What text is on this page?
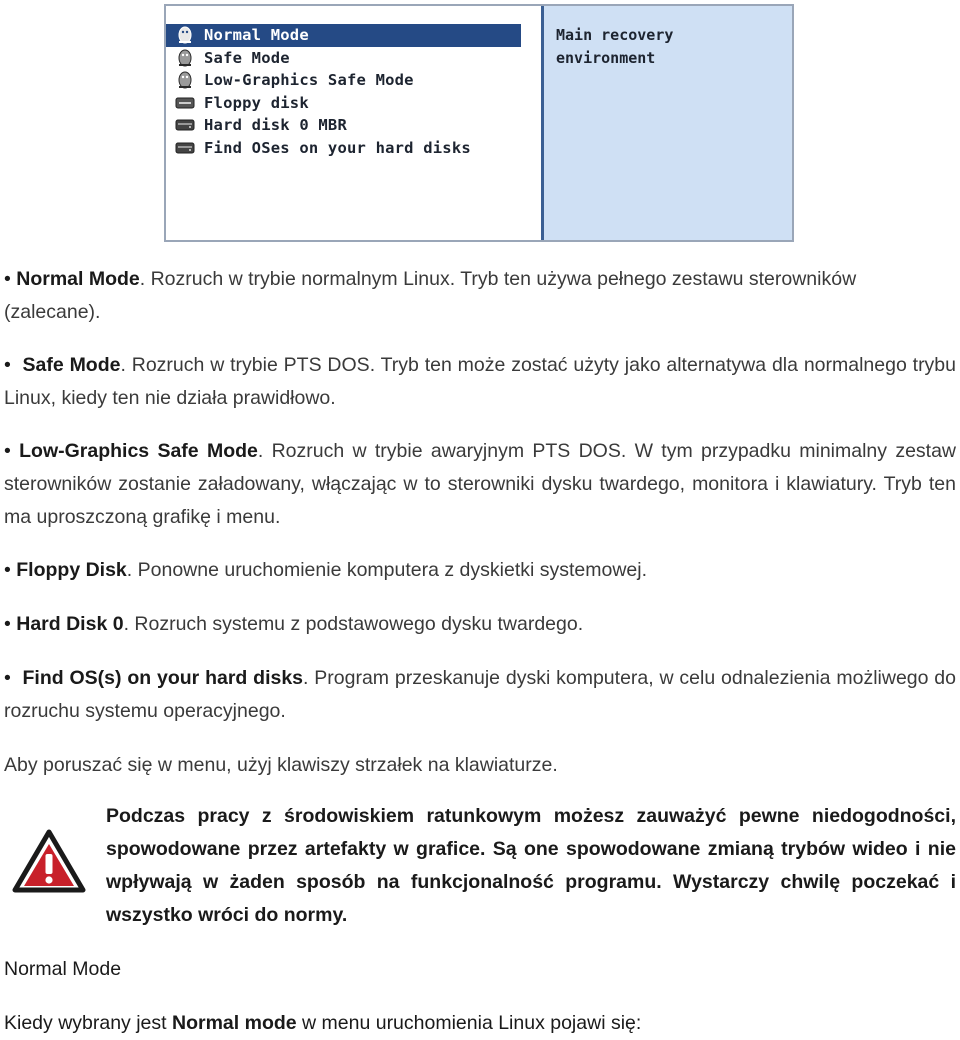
Normal Mode
Safe Mode
Low-Graphics Safe Mode
Floppy disk
Hard disk 0 MBR
Find OSes on your hard disks
Main recovery
environment

• Normal Mode. Rozruch w trybie normalnym Linux. Tryb ten używa pełnego zestawu sterowników (zalecane).

• Safe Mode. Rozruch w trybie PTS DOS. Tryb ten może zostać użyty jako alternatywa dla normalnego trybu Linux, kiedy ten nie działa prawidłowo.

• Low-Graphics Safe Mode. Rozruch w trybie awaryjnym PTS DOS. W tym przypadku minimalny zestaw sterowników zostanie załadowany, włączając w to sterowniki dysku twardego, monitora i klawiatury. Tryb ten ma uproszczoną grafikę i menu.

• Floppy Disk. Ponowne uruchomienie komputera z dyskietki systemowej.

• Hard Disk 0. Rozruch systemu z podstawowego dysku twardego.

• Find OS(s) on your hard disks. Program przeskanuje dyski komputera, w celu odnalezienia możliwego do rozruchu systemu operacyjnego.

Aby poruszać się w menu, użyj klawiszy strzałek na klawiaturze.

Podczas pracy z środowiskiem ratunkowym możesz zauważyć pewne niedogodności, spowodowane przez artefakty w grafice. Są one spowodowane zmianą trybów wideo i nie wpływają w żaden sposób na funkcjonalność programu. Wystarczy chwilę poczekać i wszystko wróci do normy.
Normal Mode
Kiedy wybrany jest Normal mode w menu uruchomienia Linux pojawi się:
